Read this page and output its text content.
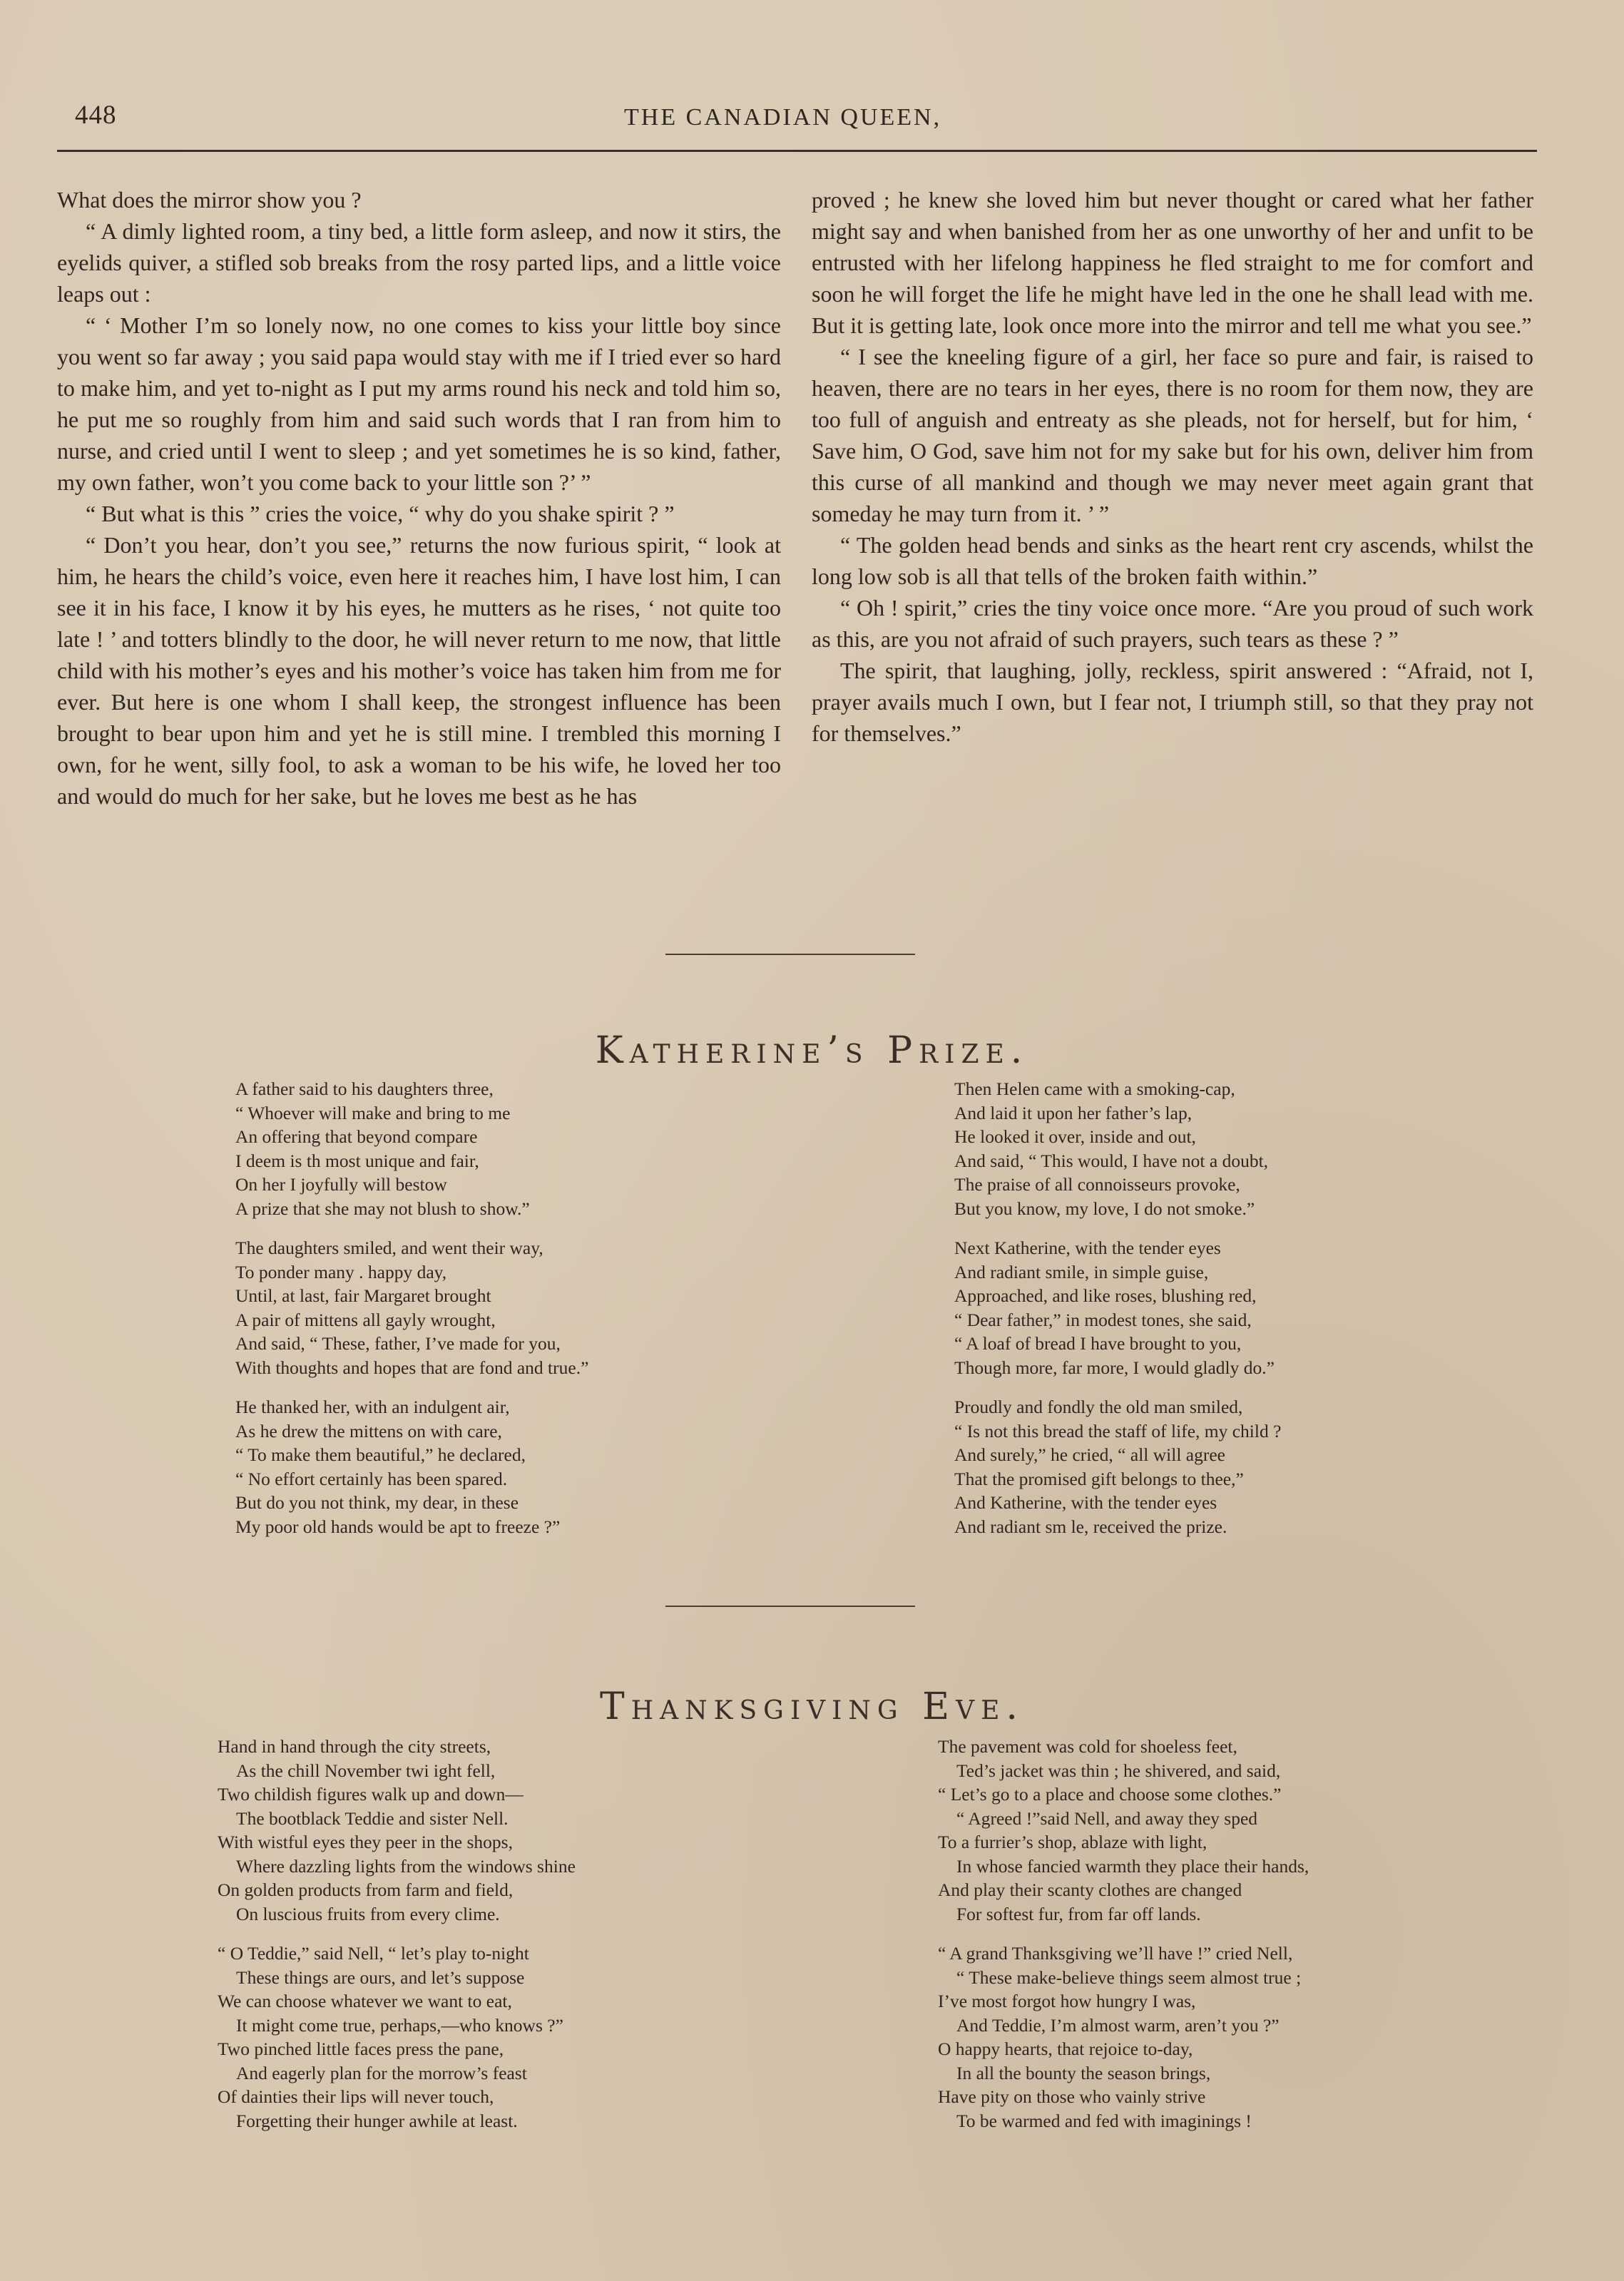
448	THE CANADIAN QUEEN,

What does the mirror show you ?

“ A dimly lighted room, a tiny bed, a little form asleep, and now it stirs, the eyelids quiver, a stifled sob breaks from the rosy parted lips, and a little voice leaps out :

“ ‘ Mother I’m so lonely now, no one comes to kiss your little boy since you went so far away ; you said papa would stay with me if I tried ever so hard to make him, and yet to-night as I put my arms round his neck and told him so, he put me so roughly from him and said such words that I ran from him to nurse, and cried until I went to sleep ; and yet sometimes he is so kind, father, my own father, won’t you come back to your little son ?’ ”

“ But what is this ” cries the voice, “ why do you shake spirit ? ”

“ Don’t you hear, don’t you see,” returns the now furious spirit, “ look at him, he hears the child’s voice, even here it reaches him, I have lost him, I can see it in his face, I know it by his eyes, he mutters as he rises, ‘ not quite too late ! ’ and totters blindly to the door, he will never return to me now, that little child with his mother’s eyes and his mother’s voice has taken him from me for ever. But here is one whom I shall keep, the strongest influence has been brought to bear upon him and yet he is still mine. I trembled this morning I own, for he went, silly fool, to ask a woman to be his wife, he loved her too and would do much for her sake, but he loves me best as he has

proved ; he knew she loved him but never thought or cared what her father might say and when banished from her as one unworthy of her and unfit to be entrusted with her lifelong happiness he fled straight to me for comfort and soon he will forget the life he might have led in the one he shall lead with me. But it is getting late, look once more into the mirror and tell me what you see.”

“ I see the kneeling figure of a girl, her face so pure and fair, is raised to heaven, there are no tears in her eyes, there is no room for them now, they are too full of anguish and entreaty as she pleads, not for herself, but for him, ‘ Save him, O God, save him not for my sake but for his own, deliver him from this curse of all mankind and though we may never meet again grant that someday he may turn from it. ’ ”

“ The golden head bends and sinks as the heart rent cry ascends, whilst the long low sob is all that tells of the broken faith within.”

“ Oh ! spirit,” cries the tiny voice once more. “Are you proud of such work as this, are you not afraid of such prayers, such tears as these ? ”

The spirit, that laughing, jolly, reckless, spirit answered : “Afraid, not I, prayer avails much I own, but I fear not, I triumph still, so that they pray not for themselves.”

Katherine’s Prize.
A father said to his daughters three,
“ Whoever will make and bring to me
An offering that beyond compare
I deem is th most unique and fair,
On her I joyfully will bestow
A prize that she may not blush to show.”
The daughters smiled, and went their way,
To ponder many . happy day,
Until, at last, fair Margaret brought
A pair of mittens all gayly wrought,
And said, “ These, father, I’ve made for you,
With thoughts and hopes that are fond and true.”
He thanked her, with an indulgent air,
As he drew the mittens on with care,
“ To make them beautiful,” he declared,
“ No effort certainly has been spared.
But do you not think, my dear, in these
My poor old hands would be apt to freeze ?”
Then Helen came with a smoking-cap,
And laid it upon her father’s lap,
He looked it over, inside and out,
And said, “ This would, I have not a doubt,
The praise of all connoisseurs provoke,
But you know, my love, I do not smoke.”
Next Katherine, with the tender eyes
And radiant smile, in simple guise,
Approached, and like roses, blushing red,
“ Dear father,” in modest tones, she said,
“ A loaf of bread I have brought to you,
Though more, far more, I would gladly do.”
Proudly and fondly the old man smiled,
“ Is not this bread the staff of life, my child ?
And surely,” he cried, “ all will agree
That the promised gift belongs to thee,”
And Katherine, with the tender eyes
And radiant sm le, received the prize.
Thanksgiving Eve.
Hand in hand through the city streets,
As the chill November twi ight fell,
Two childish figures walk up and down—
The bootblack Teddie and sister Nell.
With wistful eyes they peer in the shops,
Where dazzling lights from the windows shine
On golden products from farm and field,
On luscious fruits from every clime.
“ O Teddie,” said Nell, “ let’s play to-night
These things are ours, and let’s suppose
We can choose whatever we want to eat,
It might come true, perhaps,—who knows ?”
Two pinched little faces press the pane,
And eagerly plan for the morrow’s feast
Of dainties their lips will never touch,
Forgetting their hunger awhile at least.
The pavement was cold for shoeless feet,
Ted’s jacket was thin ; he shivered, and said,
“ Let’s go to a place and choose some clothes.”
“ Agreed !”said Nell, and away they sped
To a furrier’s shop, ablaze with light,
In whose fancied warmth they place their hands,
And play their scanty clothes are changed
For softest fur, from far off lands.
“ A grand Thanksgiving we’ll have !” cried Nell,
“ These make-believe things seem almost true ;
I’ve most forgot how hungry I was,
And Teddie, I’m almost warm, aren’t you ?”
O happy hearts, that rejoice to-day,
In all the bounty the season brings,
Have pity on those who vainly strive
To be warmed and fed with imaginings !
